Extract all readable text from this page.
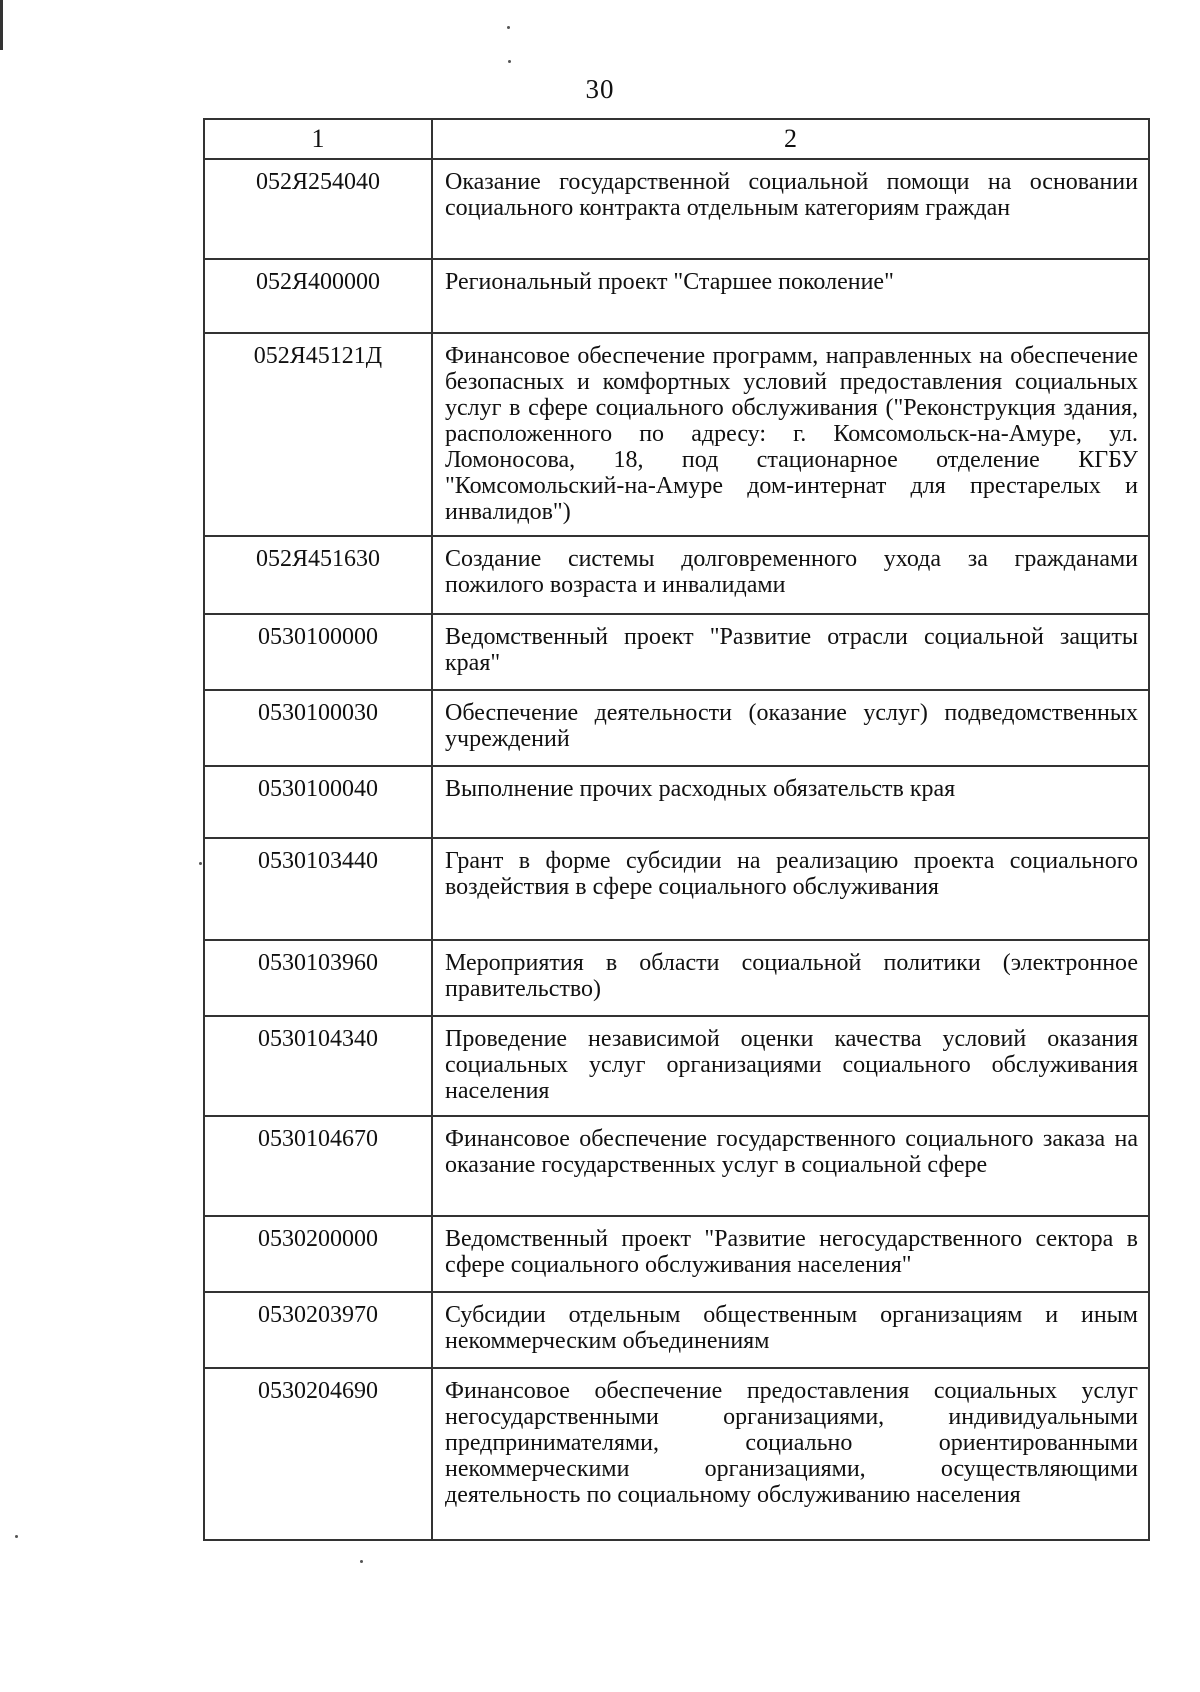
30
1	2
052Я254040	Оказание государственной социальной помощи на основании социального контракта отдельным категориям граждан
052Я400000	Региональный проект "Старшее поколение"
052Я45121Д	Финансовое обеспечение программ, направленных на обеспечение безопасных и комфортных условий предоставления социальных услуг в сфере социального обслуживания ("Реконструкция здания, расположенного по адресу: г. Комсомольск-на-Амуре, ул. Ломоносова, 18, под стационарное отделение КГБУ "Комсомольский-на-Амуре дом-интернат для престарелых и инвалидов")
052Я451630	Создание системы долговременного ухода за гражданами пожилого возраста и инвалидами
0530100000	Ведомственный проект "Развитие отрасли социальной защиты края"
0530100030	Обеспечение деятельности (оказание услуг) подведомственных учреждений
0530100040	Выполнение прочих расходных обязательств края
0530103440	Грант в форме субсидии на реализацию проекта социального воздействия в сфере социального обслуживания
0530103960	Мероприятия в области социальной политики (электронное правительство)
0530104340	Проведение независимой оценки качества условий оказания социальных услуг организациями социального обслуживания населения
0530104670	Финансовое обеспечение государственного социального заказа на оказание государственных услуг в социальной сфере
0530200000	Ведомственный проект "Развитие негосударственного сектора в сфере социального обслуживания населения"
0530203970	Субсидии отдельным общественным организациям и иным некоммерческим объединениям
0530204690	Финансовое обеспечение предоставления социальных услуг негосударственными организациями, индивидуальными предпринимателями, социально ориентированными некоммерческими организациями, осуществляющими деятельность по социальному обслуживанию населения
